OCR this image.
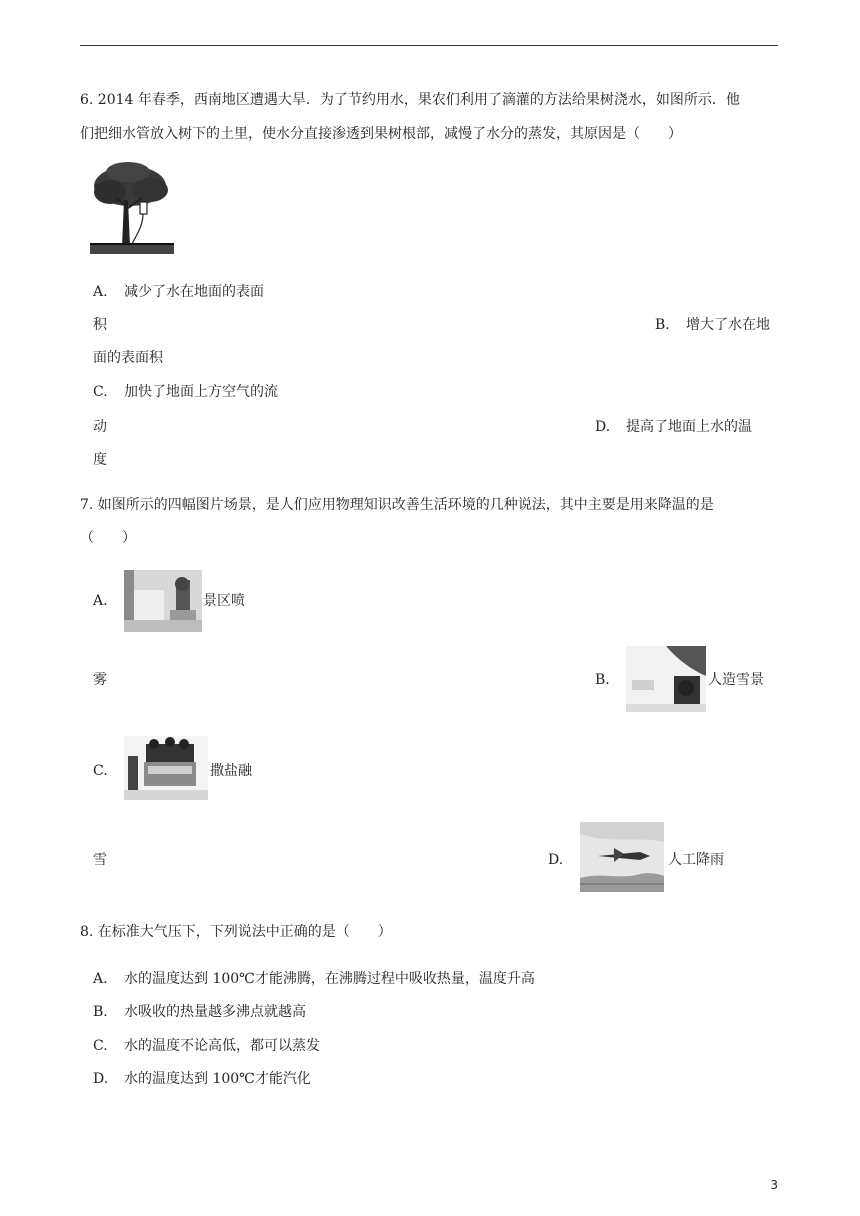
6. 2014 年春季，西南地区遭遇大旱．为了节约用水，果农们利用了滴灌的方法给果树浇水，如图所示．他
们把细水管放入树下的土里，使水分直接渗透到果树根部，减慢了水分的蒸发，其原因是（　　）
A. 减少了水在地面的表面
积	B. 增大了水在地
面的表面积
C. 加快了地面上方空气的流
动
度
D. 提高了地面上水的温
7. 如图所示的四幅图片场景，是人们应用物理知识改善生活环境的几种说法，其中主要是用来降温的是
（　　）
A.	景区喷
雾	B.	人造雪景
C.	撒盐融
雪	D.	人工降雨
8. 在标准大气压下，下列说法中正确的是（　　）
A. 水的温度达到 100℃才能沸腾，在沸腾过程中吸收热量，温度升高
B. 水吸收的热量越多沸点就越高
C. 水的温度不论高低，都可以蒸发
D. 水的温度达到 100℃才能汽化
3
